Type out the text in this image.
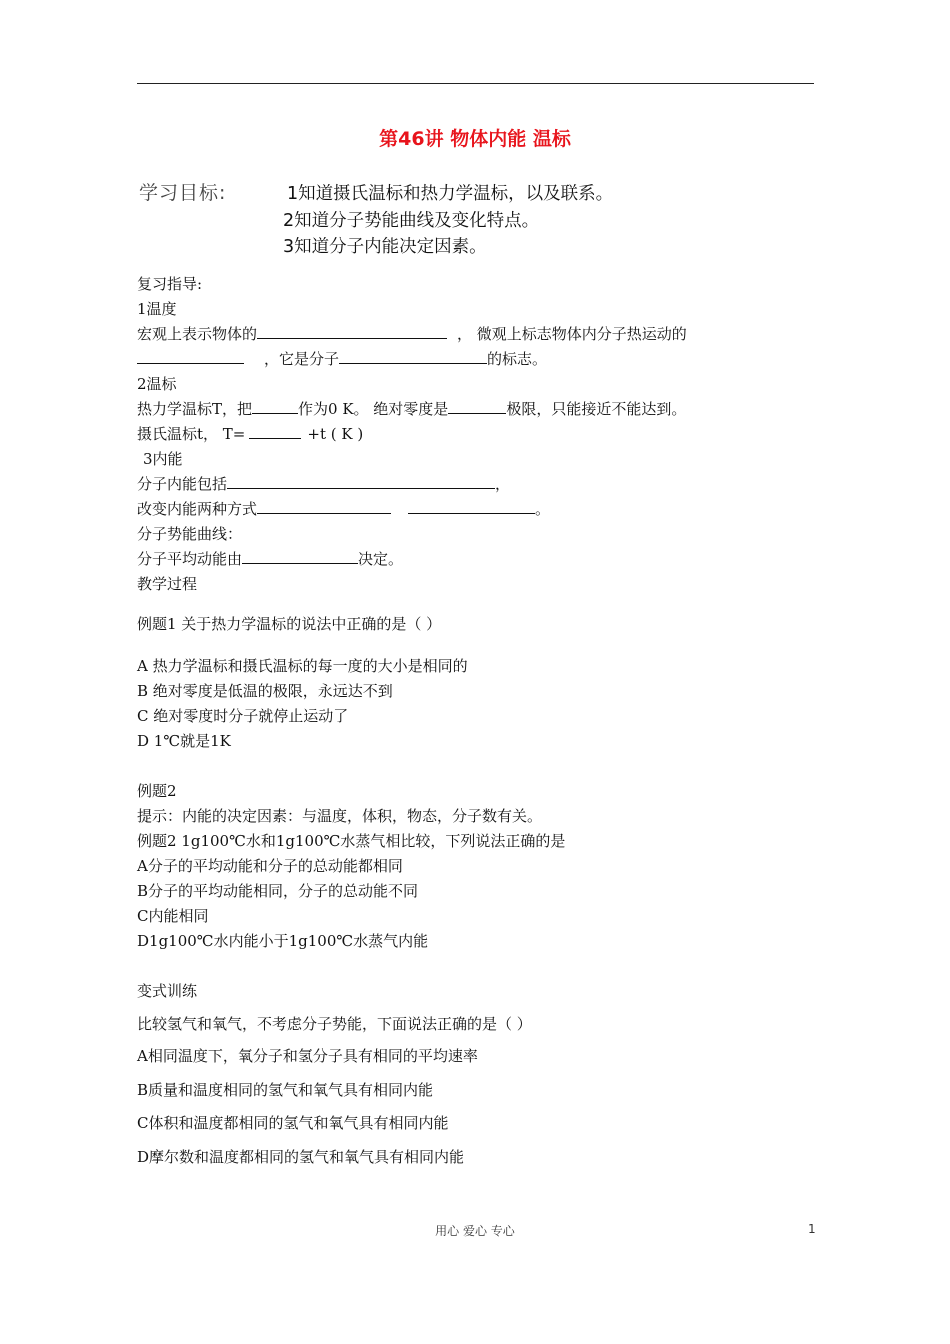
第46讲 物体内能 温标
学习目标:	1知道摄氏温标和热力学温标，以及联系。
2知道分子势能曲线及变化特点。
3知道分子内能决定因素。
复习指导:
1温度
宏观上表示物体的	， 微观上标志物体内分子热运动的
，它是分子	的标志。
2温标
热力学温标T，把	作为0 K。 绝对零度是	极限，只能接近不能达到。
摄氏温标t， T=	+t ( K )
3内能
分子内能包括	，
改变内能两种方式	。
分子势能曲线：
分子平均动能由	决定。
教学过程
例题1 关于热力学温标的说法中正确的是（ ）
A 热力学温标和摄氏温标的每一度的大小是相同的
B 绝对零度是低温的极限，永远达不到
C 绝对零度时分子就停止运动了
D 1℃就是1K
例题2
提示：内能的决定因素：与温度，体积，物态，分子数有关。
例题2 1g100℃水和1g100℃水蒸气相比较，下列说法正确的是
A分子的平均动能和分子的总动能都相同
B分子的平均动能相同，分子的总动能不同
C内能相同
D1g100℃水内能小于1g100℃水蒸气内能
变式训练
比较氢气和氧气，不考虑分子势能，下面说法正确的是（ ）
A相同温度下，氧分子和氢分子具有相同的平均速率
B质量和温度相同的氢气和氧气具有相同内能
C体积和温度都相同的氢气和氧气具有相同内能
D摩尔数和温度都相同的氢气和氧气具有相同内能
用心 爱心 专心	1
